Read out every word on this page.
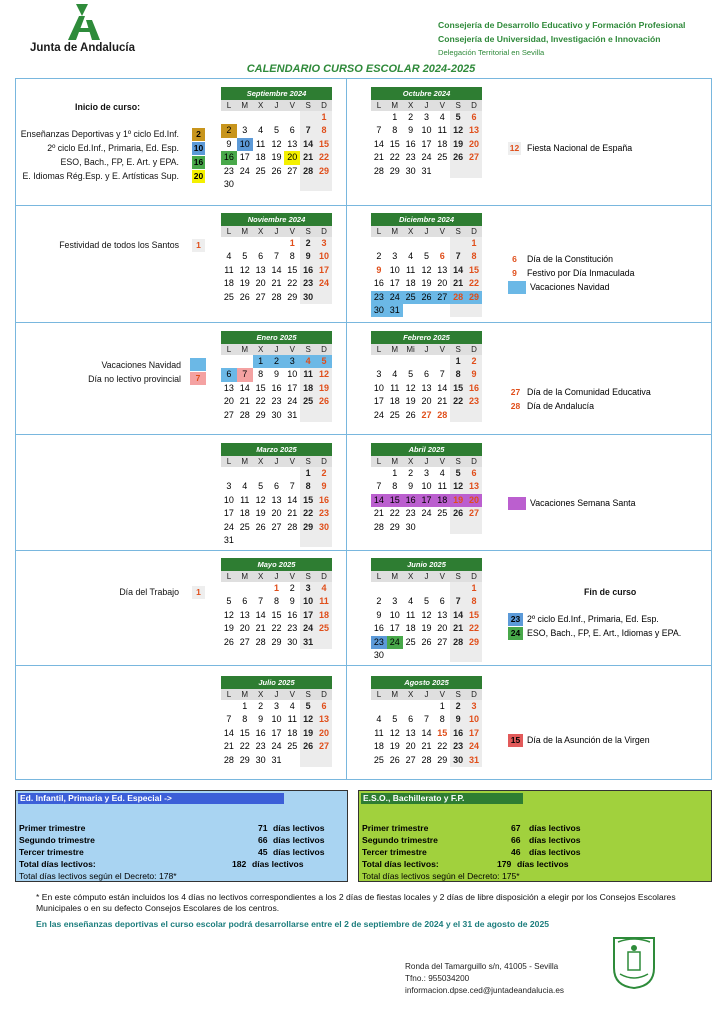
Junta de Andalucía
Consejería de Desarrollo Educativo y Formación Profesional
Consejería de Universidad, Investigación e Innovación
Delegación Territorial en Sevilla
CALENDARIO CURSO ESCOLAR 2024-2025
Septiembre 2024
L	M	X	J	V	S	D
						1
2	3	4	5	6	7	8
9	10	11	12	13	14	15
16	17	18	19	20	21	22
23	24	25	26	27	28	29
30						
Octubre 2024
L	M	X	J	V	S	D
	1	2	3	4	5	6
7	8	9	10	11	12	13
14	15	16	17	18	19	20
21	22	23	24	25	26	27
28	29	30	31			
Noviembre 2024
L	M	X	J	V	S	D
				1	2	3
4	5	6	7	8	9	10
11	12	13	14	15	16	17
18	19	20	21	22	23	24
25	26	27	28	29	30	
Diciembre 2024
L	M	X	J	V	S	D
						1
2	3	4	5	6	7	8
9	10	11	12	13	14	15
16	17	18	19	20	21	22
23	24	25	26	27	28	29
30	31					
Enero 2025
L	M	X	J	V	S	D
		1	2	3	4	5
6	7	8	9	10	11	12
13	14	15	16	17	18	19
20	21	22	23	24	25	26
27	28	29	30	31		
Febrero 2025
L	M	Mi	J	V	S	D
					1	2
3	4	5	6	7	8	9
10	11	12	13	14	15	16
17	18	19	20	21	22	23
24	25	26	27	28		
Marzo 2025
L	M	X	J	V	S	D
					1	2
3	4	5	6	7	8	9
10	11	12	13	14	15	16
17	18	19	20	21	22	23
24	25	26	27	28	29	30
31						
Abril 2025
L	M	X	J	V	S	D
	1	2	3	4	5	6
7	8	9	10	11	12	13
14	15	16	17	18	19	20
21	22	23	24	25	26	27
28	29	30				
Mayo 2025
L	M	X	J	V	S	D
			1	2	3	4
5	6	7	8	9	10	11
12	13	14	15	16	17	18
19	20	21	22	23	24	25
26	27	28	29	30	31	
Junio 2025
L	M	X	J	V	S	D
						1
2	3	4	5	6	7	8
9	10	11	12	13	14	15
16	17	18	19	20	21	22
23	24	25	26	27	28	29
30						
Julio 2025
L	M	X	J	V	S	D
	1	2	3	4	5	6
7	8	9	10	11	12	13
14	15	16	17	18	19	20
21	22	23	24	25	26	27
28	29	30	31			
Agosto 2025
L	M	X	J	V	S	D
				1	2	3
4	5	6	7	8	9	10
11	12	13	14	15	16	17
18	19	20	21	22	23	24
25	26	27	28	29	30	31
Inicio de curso:
Enseñanzas Deportivas y 1º ciclo Ed.Inf.	2
2º ciclo Ed.Inf., Primaria, Ed. Esp. 10
ESO, Bach., FP, E. Art. y EPA. 16
E. Idiomas Rég.Esp. y E. Artísticas Sup. 20
12 Fiesta Nacional de España
Festividad de todos los Santos	1
6	Día de la Constitución
9	Festivo por Día Inmaculada
Vacaciones Navidad
Vacaciones Navidad
Día no lectivo provincial	7
27 Día de la Comunidad Educativa
28 Día de Andalucía
Vacaciones Semana Santa
Día del Trabajo	1	Fin de curso
23 2º ciclo Ed.Inf., Primaria, Ed. Esp.
24 ESO, Bach., FP, E. Art., Idiomas y EPA.
15 Día de la Asunción de la Virgen
Ed. Infantil, Primaria y Ed. Especial ->
Primer trimestre	71 días lectivos
Segundo trimestre	66 días lectivos
Tercer trimestre	45 días lectivos
Total días lectivos:	182 días lectivos
Total días lectivos según el Decreto: 178*
E.S.O., Bachillerato y F.P.
Primer trimestre	67 días lectivos
Segundo trimestre	66 días lectivos
Tercer trimestre	46 días lectivos
Total días lectivos:	179 días lectivos
Total días lectivos según el Decreto: 175*
* En este cómputo están incluidos los 4 días no lectivos correspondientes a los 2 días de fiestas locales y 2 días de libre disposición a elegir por los Consejos Escolares Municipales o en su defecto Consejos Escolares de los centros.
En las enseñanzas deportivas el curso escolar podrá desarrollarse entre el 2 de septiembre de 2024 y el 31 de agosto de 2025
Ronda del Tamarguillo s/n, 41005 - Sevilla
Tfno.: 955034200
informacion.dpse.ced@juntadeandalucia.es
